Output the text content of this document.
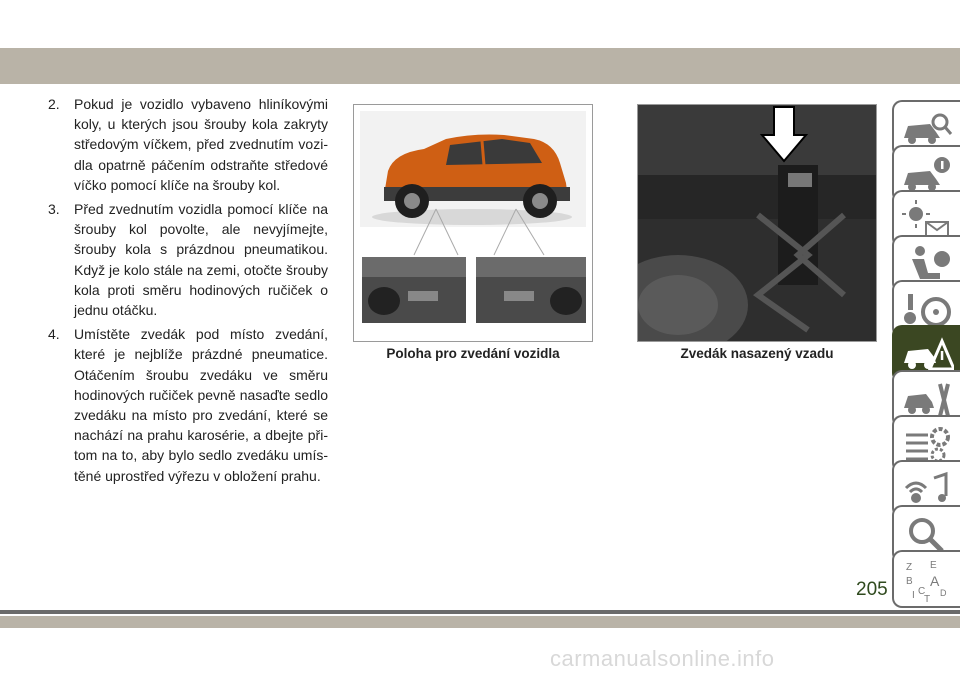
2. Pokud je vozidlo vybaveno hliníkovými koly, u kterých jsou šrouby kola zakryty středovým víčkem, před zvednutím vozi-dla opatrně páčením odstraňte středové víčko pomocí klíče na šrouby kol.
3. Před zvednutím vozidla pomocí klíče na šrouby kol povolte, ale nevyjímejte, šrouby kola s prázdnou pneumatikou. Když je kolo stále na zemi, otočte šrouby kola proti směru hodinových ručiček o jednu otáčku.
4. Umístěte zvedák pod místo zvedání, které je nejblíže prázdné pneumatice. Otáčením šroubu zvedáku ve směru hodinových ručiček pevně nasaďte sedlo zvedáku na místo pro zvedání, které se nachází na prahu karosérie, a dbejte při-tom na to, aby bylo sedlo zvedáku umís-těné uprostřed výřezu v obložení prahu.
Poloha pro zvedání vozidla	Zvedák nasazený vzadu
Z E
B A
I C D
T
205
carmanualsonline.info
